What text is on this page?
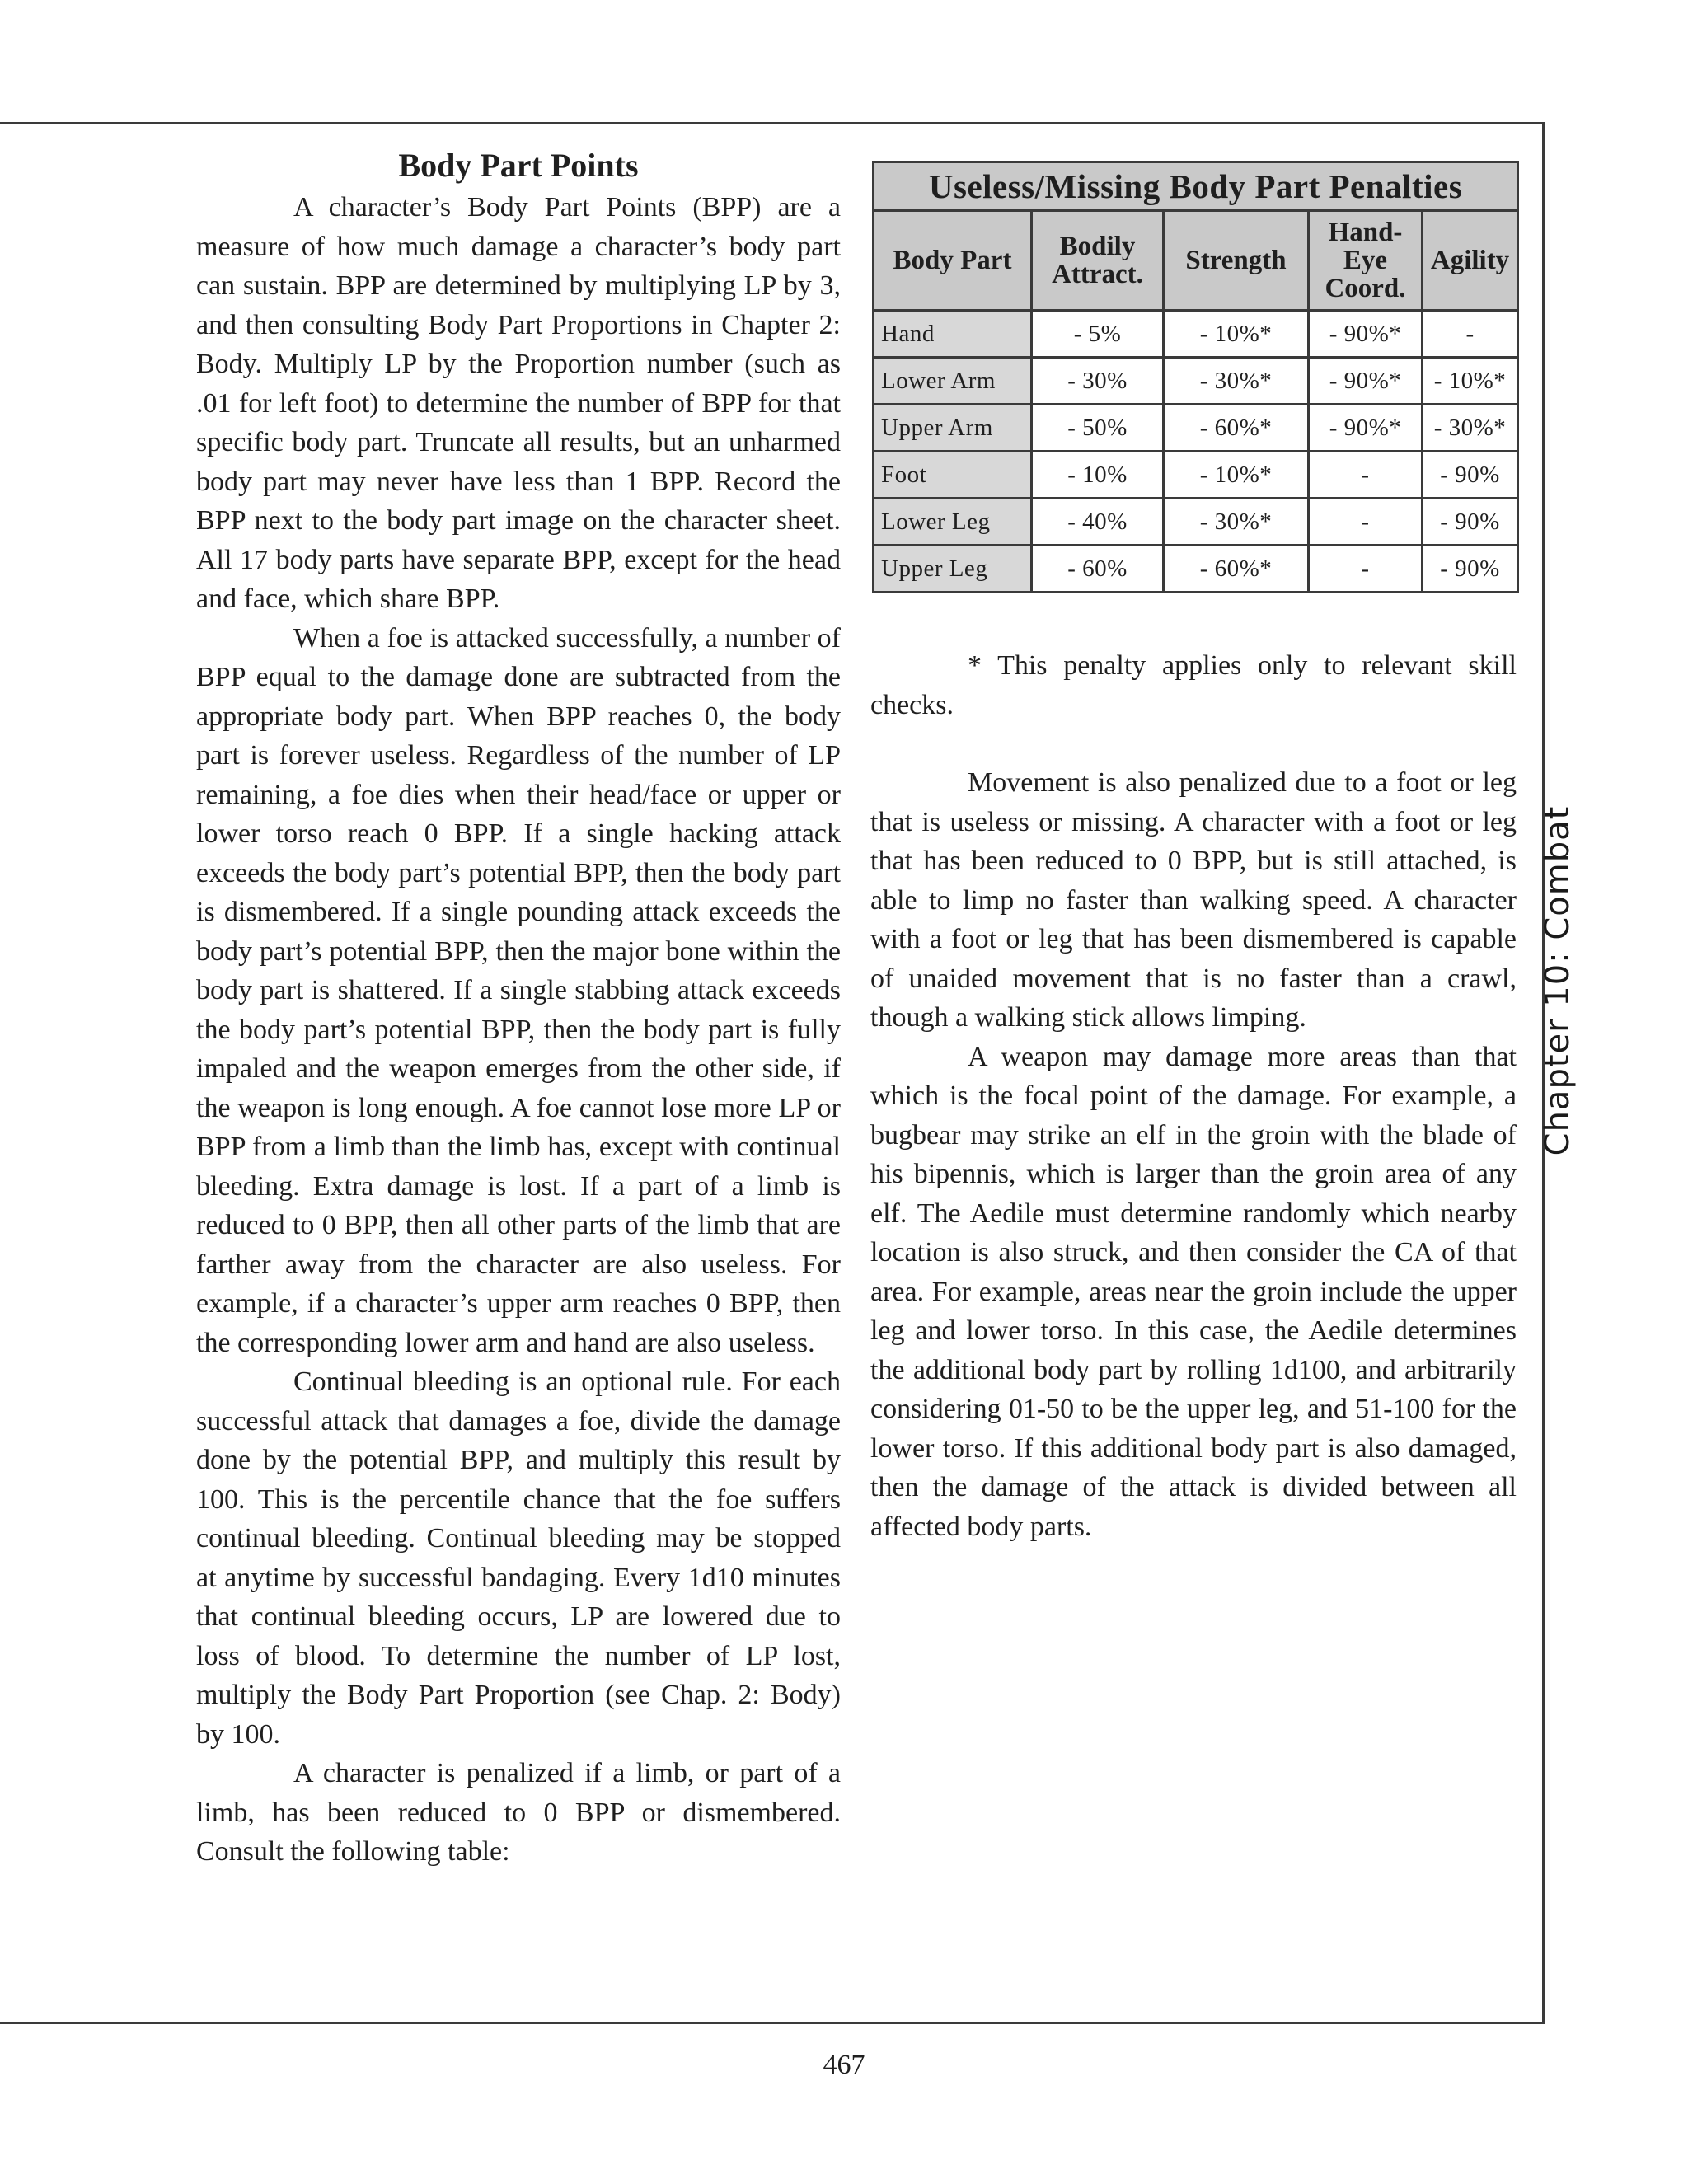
Body Part Points

A character’s Body Part Points (BPP) are a measure of how much damage a character’s body part can sustain. BPP are determined by multiplying LP by 3, and then consulting Body Part Proportions in Chapter 2: Body. Multiply LP by the Proportion number (such as .01 for left foot) to determine the number of BPP for that specific body part. Truncate all results, but an unharmed body part may never have less than 1 BPP. Record the BPP next to the body part image on the character sheet. All 17 body parts have separate BPP, except for the head and face, which share BPP.

When a foe is attacked successfully, a number of BPP equal to the damage done are subtracted from the appropriate body part. When BPP reaches 0, the body part is forever useless. Regardless of the number of LP remaining, a foe dies when their head/face or upper or lower torso reach 0 BPP. If a single hacking attack exceeds the body part’s potential BPP, then the body part is dismembered. If a single pounding attack exceeds the body part’s potential BPP, then the major bone within the body part is shattered. If a single stabbing attack exceeds the body part’s potential BPP, then the body part is fully impaled and the weapon emerges from the other side, if the weapon is long enough. A foe cannot lose more LP or BPP from a limb than the limb has, except with continual bleeding. Extra damage is lost. If a part of a limb is reduced to 0 BPP, then all other parts of the limb that are farther away from the character are also useless. For example, if a character’s upper arm reaches 0 BPP, then the corresponding lower arm and hand are also useless.

Continual bleeding is an optional rule. For each successful attack that damages a foe, divide the damage done by the potential BPP, and multiply this result by 100. This is the percentile chance that the foe suffers continual bleeding. Continual bleeding may be stopped at anytime by successful bandaging. Every 1d10 minutes that continual bleeding occurs, LP are lowered due to loss of blood. To determine the number of LP lost, multiply the Body Part Proportion (see Chap. 2: Body) by 100.

A character is penalized if a limb, or part of a limb, has been reduced to 0 BPP or dismembered. Consult the following table:

Useless/Missing Body Part Penalties				
Body Part	Bodily Attract.	Strength	Hand-Eye Coord.	Agility
Hand	- 5%	- 10%*	- 90%*	-
Lower Arm	- 30%	- 30%*	- 90%*	- 10%*
Upper Arm	- 50%	- 60%*	- 90%*	- 30%*
Foot	- 10%	- 10%*	-	- 90%
Lower Leg	- 40%	- 30%*	-	- 90%
Upper Leg	- 60%	- 60%*	-	- 90%

* This penalty applies only to relevant skill checks.

Movement is also penalized due to a foot or leg that is useless or missing. A character with a foot or leg that has been reduced to 0 BPP, but is still attached, is able to limp no faster than walking speed. A character with a foot or leg that has been dismembered is capable of unaided movement that is no faster than a crawl, though a walking stick allows limping.

A weapon may damage more areas than that which is the focal point of the damage. For example, a bugbear may strike an elf in the groin with the blade of his bipennis, which is larger than the groin area of any elf. The Aedile must determine randomly which nearby location is also struck, and then consider the CA of that area. For example, areas near the groin include the upper leg and lower torso. In this case, the Aedile determines the additional body part by rolling 1d100, and arbitrarily considering 01-50 to be the upper leg, and 51-100 for the lower torso. If this additional body part is also damaged, then the damage of the attack is divided between all affected body parts.

Chapter 10: Combat
467
